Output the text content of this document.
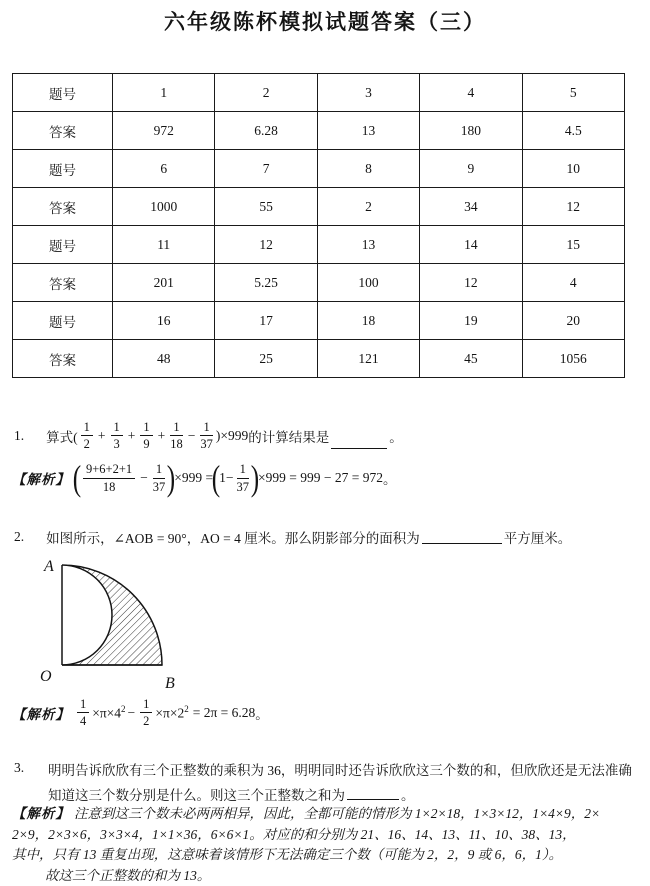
六年级陈杯模拟试题答案（三）
题号	1	2	3	4	5
答案	972	6.28	13	180	4.5
题号	6	7	8	9	10
答案	1000	55	2	34	12
题号	11	12	13	14	15
答案	201	5.25	100	12	4
题号	16	17	18	19	20
答案	48	25	121	45	1056
1. 算式( $\frac{1}{2} + \frac{1}{3} + \frac{1}{9} + \frac{1}{18} - \frac{1}{37} )\times 999$ 的计算结果是	。
【解析】 ( $\frac{9+6+2+1}{18} - \frac{1}{37}$ )
×999 =
(
$1- \frac{1}{37}$ )
×999 = 999 − 27 = 972 。
2. 如图所示，∠AOB = 90°，AO = 4 厘米。那么阴影部分的面积为	平方厘米。
A
O	B
【解析】 $\frac{1}{4} \times\pi\times 4^2 - \frac{1}{2} \times\pi\times 2^2 = 2\pi = 6.28$ 。
3. 明明告诉欣欣有三个正整数的乘积为 36，明明同时还告诉欣欣这三个数的和，但欣欣还是无法准确
知道这三个数分别是什么。则这三个正整数之和为	。
【解析】 注意到这三个数未必两两相异，因此，全都可能的情形为 1×2×18，1×3×12，1×4×9，2×
2×9，2×3×6，3×3×4，1×1×36，6×6×1。对应的和分别为 21、16、14、13、11、10、38、13，
其中，只有 13 重复出现，这意味着该情形下无法确定三个数（可能为 2，2，9 或 6，6，1）。
故这三个正整数的和为 13。
